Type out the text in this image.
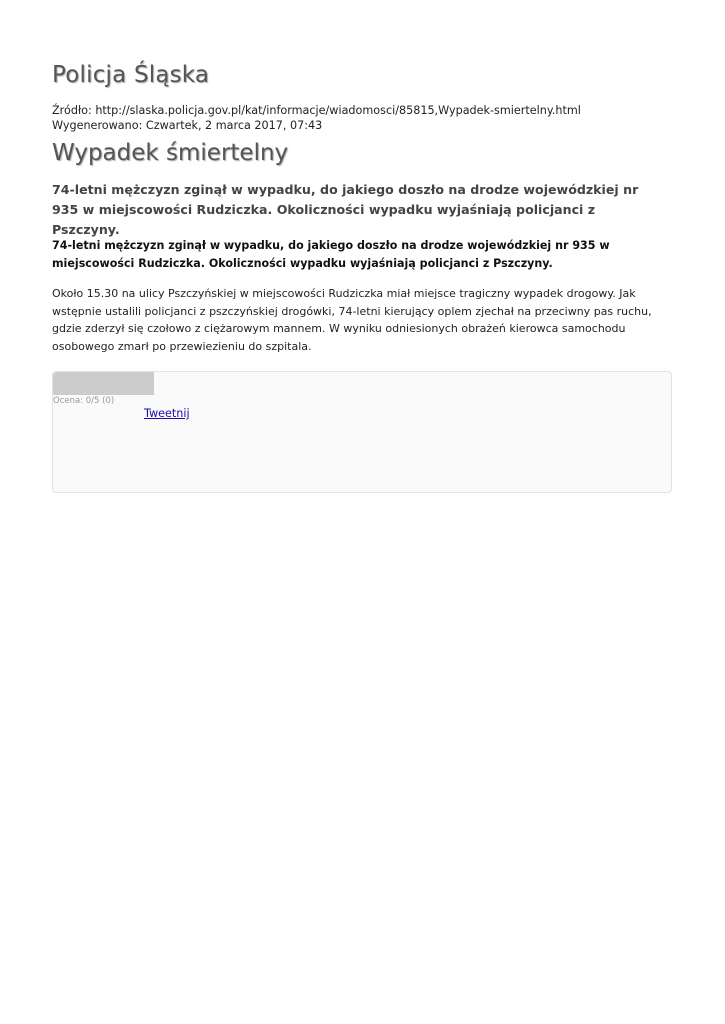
Policja Śląska
Źródło: http://slaska.policja.gov.pl/kat/informacje/wiadomosci/85815,Wypadek-smiertelny.html
Wygenerowano: Czwartek, 2 marca 2017, 07:43
Wypadek śmiertelny
74-letni mężczyzn zginął w wypadku, do jakiego doszło na drodze wojewódzkiej nr 935 w miejscowości Rudziczka. Okoliczności wypadku wyjaśniają policjanci z Pszczyny.
74-letni mężczyzn zginął w wypadku, do jakiego doszło na drodze wojewódzkiej nr 935 w miejscowości Rudziczka. Okoliczności wypadku wyjaśniają policjanci z Pszczyny.
Około 15.30 na ulicy Pszczyńskiej w miejscowości Rudziczka miał miejsce tragiczny wypadek drogowy. Jak wstępnie ustalili policjanci z pszczyńskiej drogówki, 74-letni kierujący oplem zjechał na przeciwny pas ruchu, gdzie zderzył się czołowo z ciężarowym mannem. W wyniku odniesionych obrażeń kierowca samochodu osobowego zmarł po przewiezieniu do szpitala.
Ocena: 0/5 (0)
Tweetnij
